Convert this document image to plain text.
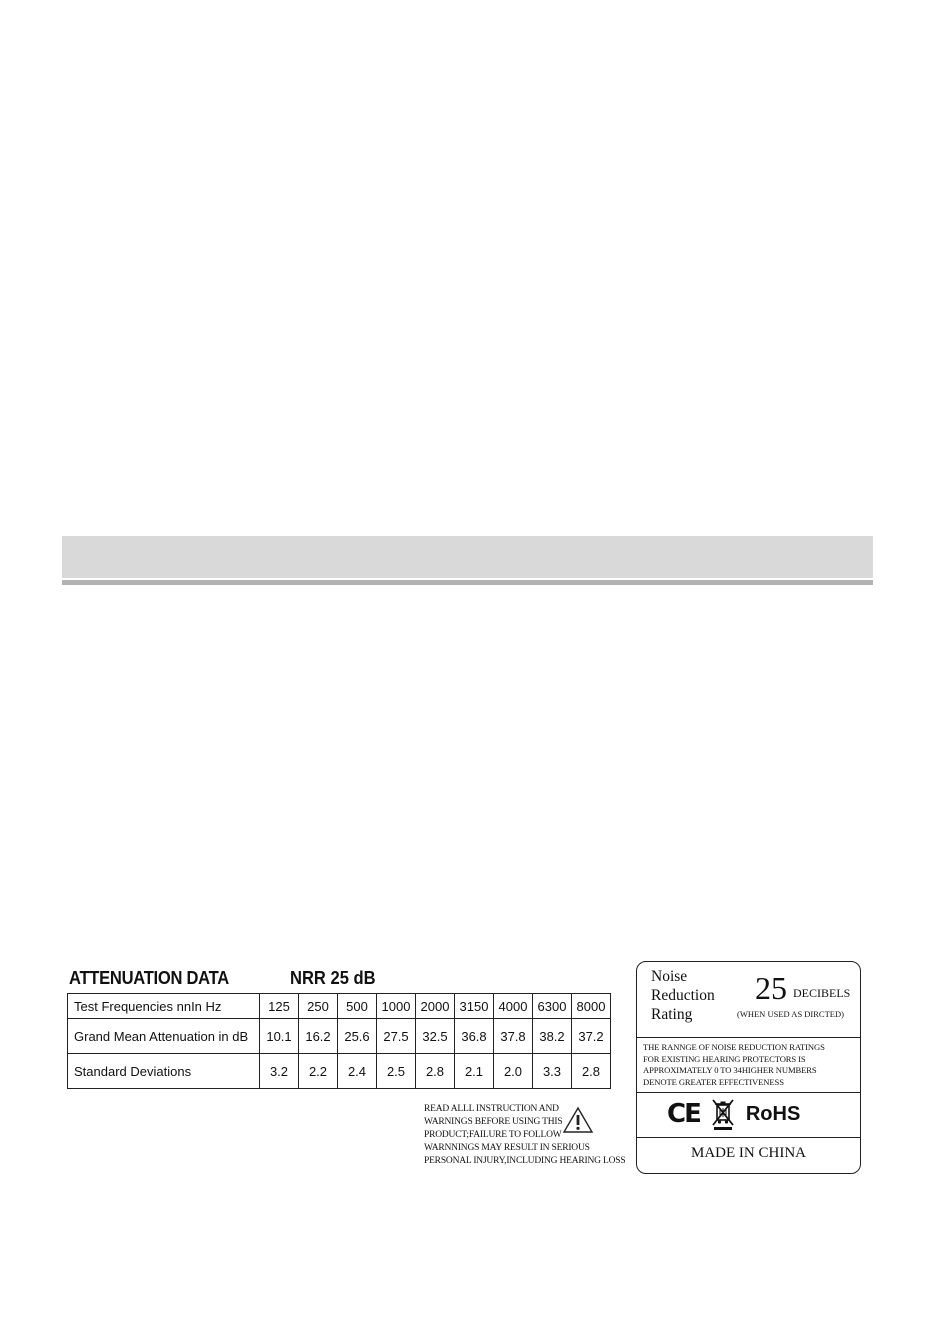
ATTENUATION DATA	NRR 25 dB
Test Frequencies nnIn Hz	125	250	500	1000	2000	3150	4000	6300	8000
Grand Mean Attenuation in dB	10.1	16.2	25.6	27.5	32.5	36.8	37.8	38.2	37.2
Standard Deviations	3.2	2.2	2.4	2.5	2.8	2.1	2.0	3.3	2.8
READ ALLL INSTRUCTION AND
WARNINGS BEFORE USING THIS
PRODUCT;FAILURE TO FOLLOW
WARNNINGS MAY RESULT IN SERIOUS
PERSONAL INJURY,INCLUDING HEARING LOSS
Noise
Reduction
Rating
25 DECIBELS
(WHEN USED AS DIRCTED)
THE RANNGE OF NOISE REDUCTION RATINGS
FOR EXISTING HEARING PROTECTORS IS
APPROXIMATELY 0 TO 34HIGHER NUMBERS
DENOTE GREATER EFFECTIVENESS
CE RoHS
MADE IN CHINA
